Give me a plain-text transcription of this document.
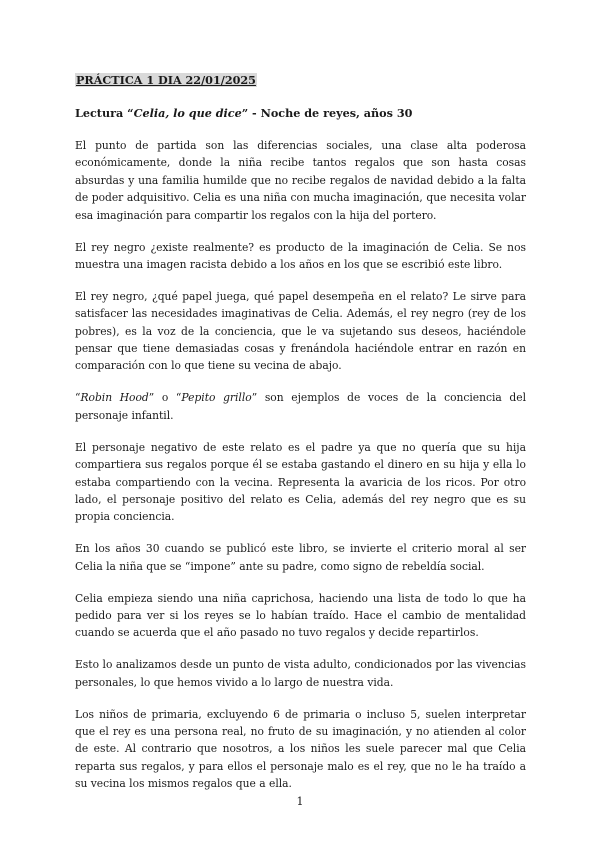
PRÁCTICA 1 DIA 22/01/2025
Lectura “Celia, lo que dice” - Noche de reyes, años 30

El punto de partida son las diferencias sociales, una clase alta poderosa económicamente, donde la niña recibe tantos regalos que son hasta cosas absurdas y una familia humilde que no recibe regalos de navidad debido a la falta de poder adquisitivo. Celia es una niña con mucha imaginación, que necesita volar esa imaginación para compartir los regalos con la hija del portero.

El rey negro ¿existe realmente? es producto de la imaginación de Celia. Se nos muestra una imagen racista debido a los años en los que se escribió este libro.

El rey negro, ¿qué papel juega, qué papel desempeña en el relato? Le sirve para satisfacer las necesidades imaginativas de Celia. Además, el rey negro (rey de los pobres), es la voz de la conciencia, que le va sujetando sus deseos, haciéndole pensar que tiene demasiadas cosas y frenándola haciéndole entrar en razón en comparación con lo que tiene su vecina de abajo.

“Robin Hood” o “Pepito grillo” son ejemplos de voces de la conciencia del personaje infantil.

El personaje negativo de este relato es el padre ya que no quería que su hija compartiera sus regalos porque él se estaba gastando el dinero en su hija y ella lo estaba compartiendo con la vecina. Representa la avaricia de los ricos. Por otro lado, el personaje positivo del relato es Celia, además del rey negro que es su propia conciencia.

En los años 30 cuando se publicó este libro, se invierte el criterio moral al ser Celia la niña que se “impone” ante su padre, como signo de rebeldía social.

Celia empieza siendo una niña caprichosa, haciendo una lista de todo lo que ha pedido para ver si los reyes se lo habían traído. Hace el cambio de mentalidad cuando se acuerda que el año pasado no tuvo regalos y decide repartirlos.

Esto lo analizamos desde un punto de vista adulto, condicionados por las vivencias personales, lo que hemos vivido a lo largo de nuestra vida.

Los niños de primaria, excluyendo 6 de primaria o incluso 5, suelen interpretar que el rey es una persona real, no fruto de su imaginación, y no atienden al color de este. Al contrario que nosotros, a los niños les suele parecer mal que Celia reparta sus regalos, y para ellos el personaje malo es el rey, que no le ha traído a su vecina los mismos regalos que a ella.

1
